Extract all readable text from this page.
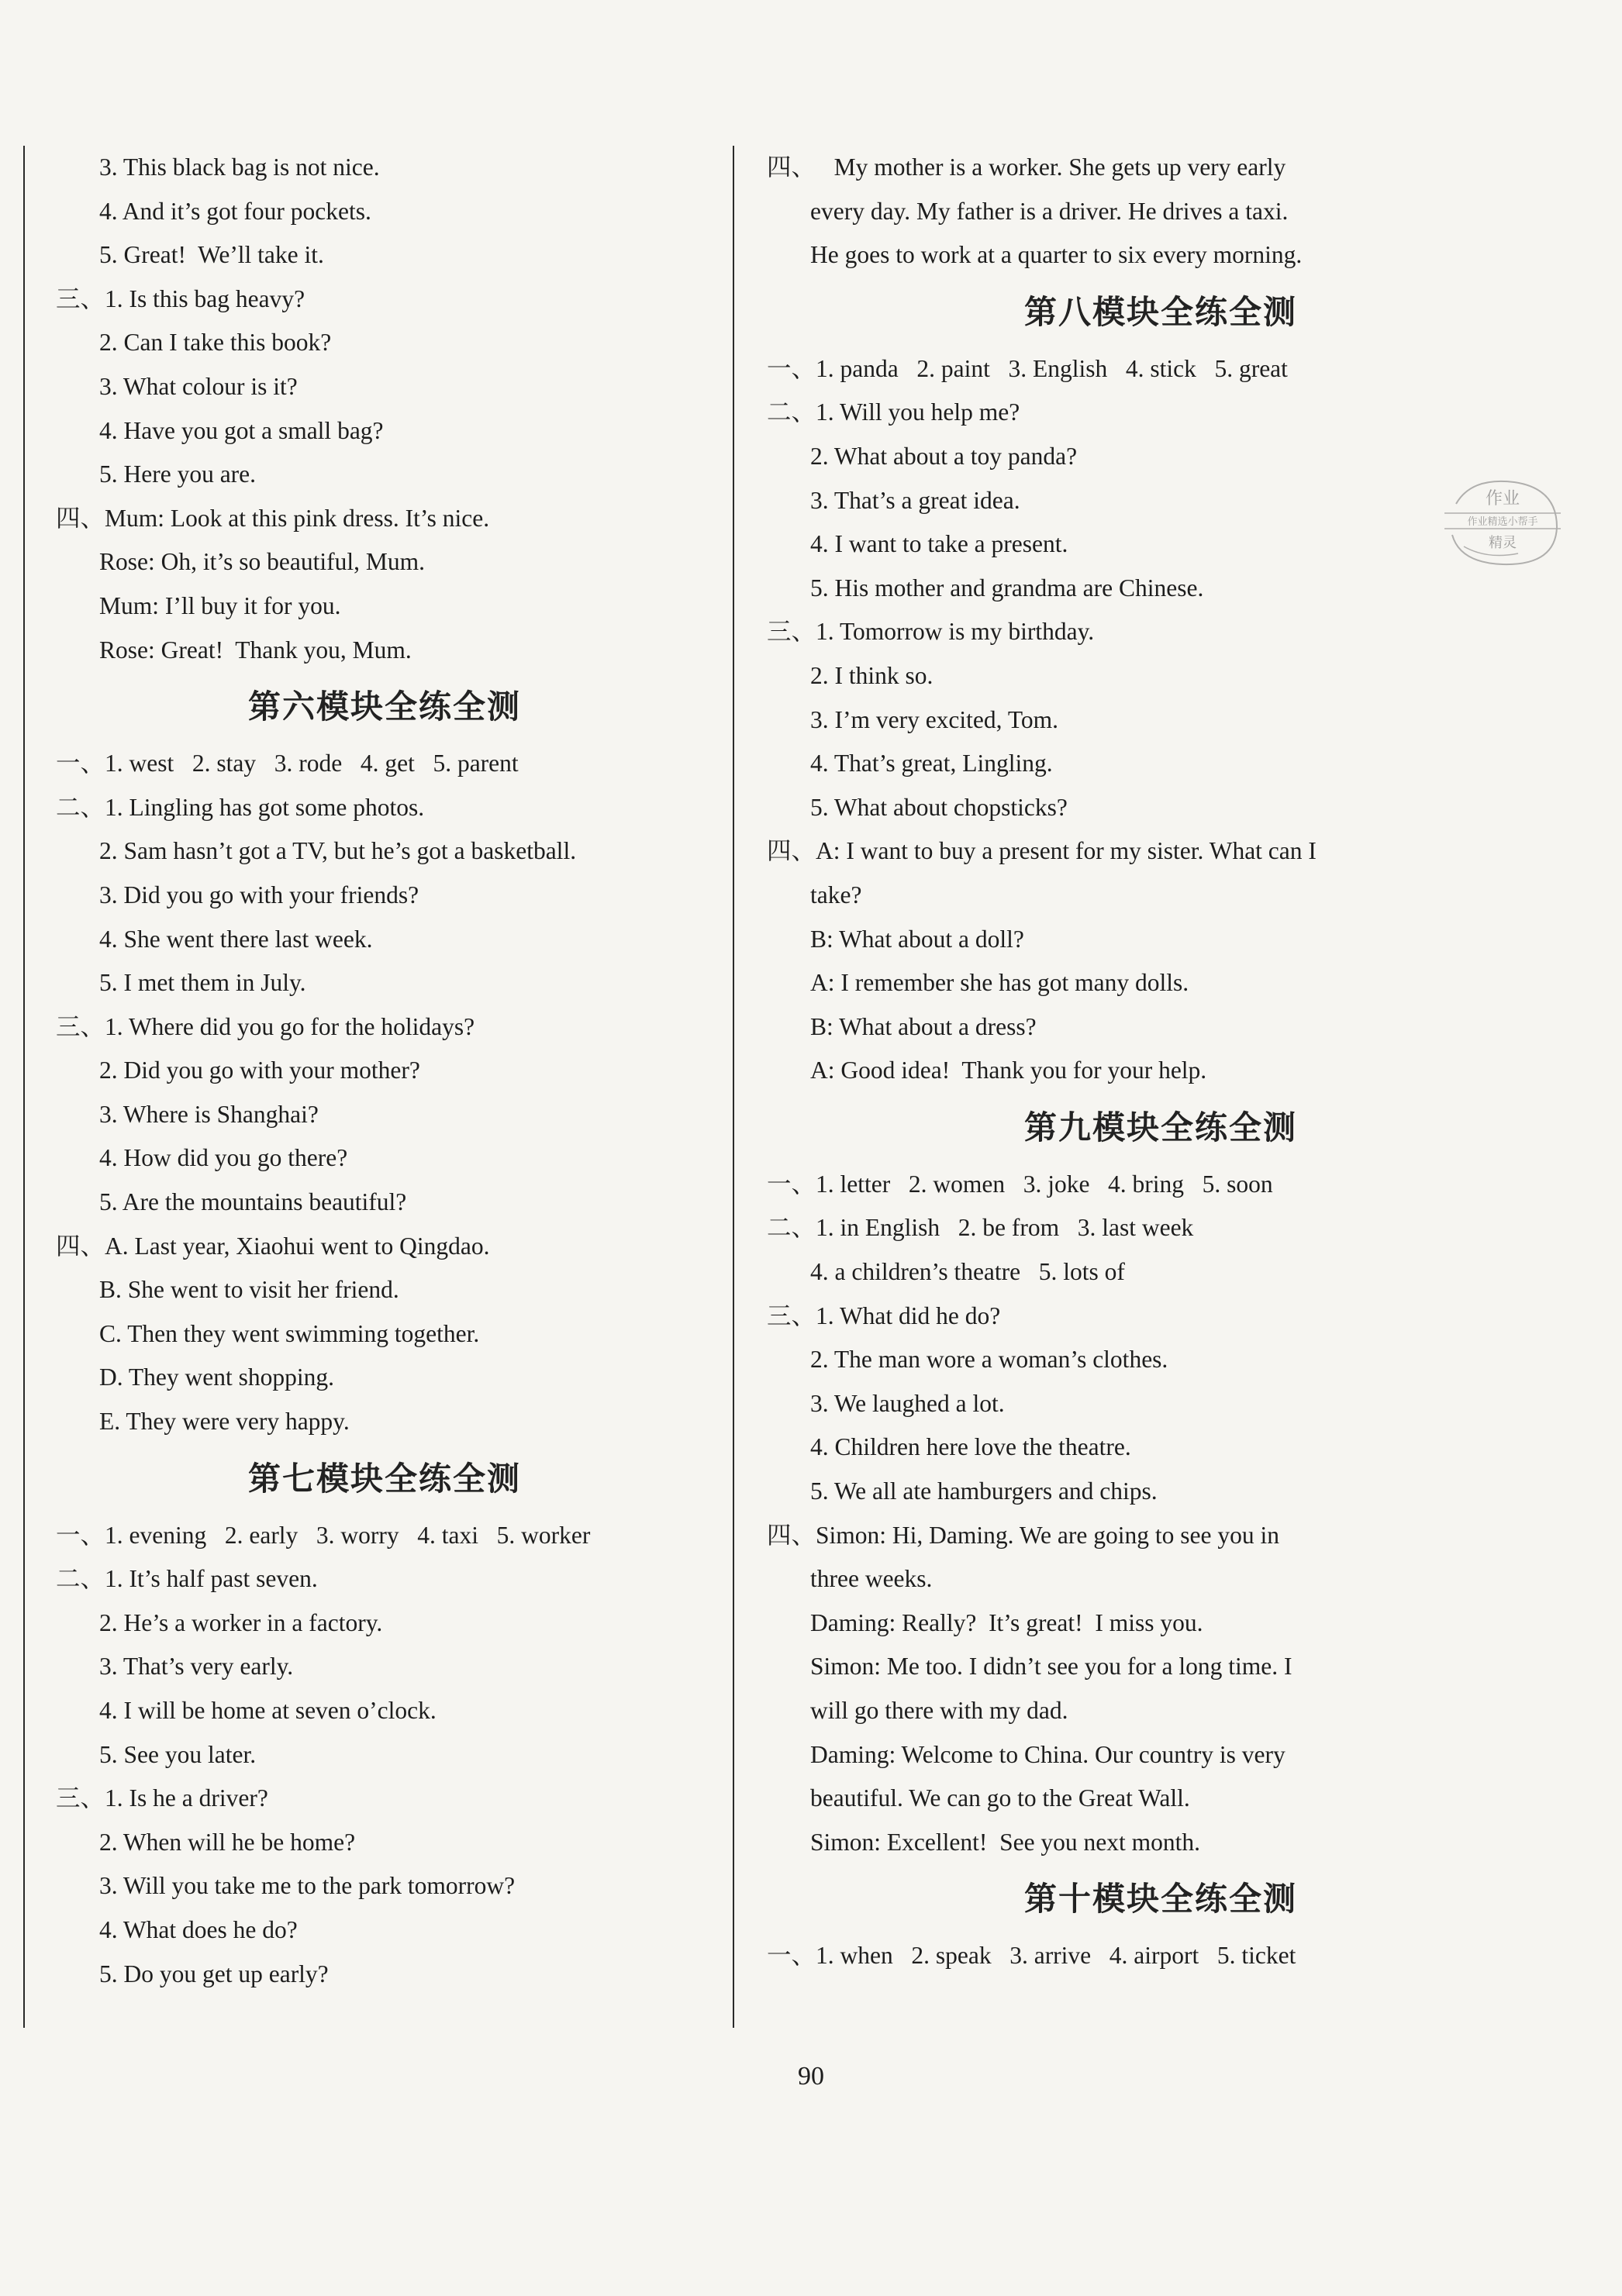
3. This black bag is not nice.
4. And it’s got four pockets.
5. Great!  We’ll take it.
三、1. Is this bag heavy?
2. Can I take this book?
3. What colour is it?
4. Have you got a small bag?
5. Here you are.
四、Mum: Look at this pink dress. It’s nice.
Rose: Oh, it’s so beautiful, Mum.
Mum: I’ll buy it for you.
Rose: Great!  Thank you, Mum.
第六模块全练全测
一、1. west   2. stay   3. rode   4. get   5. parent
二、1. Lingling has got some photos.
2. Sam hasn’t got a TV, but he’s got a basketball.
3. Did you go with your friends?
4. She went there last week.
5. I met them in July.
三、1. Where did you go for the holidays?
2. Did you go with your mother?
3. Where is Shanghai?
4. How did you go there?
5. Are the mountains beautiful?
四、A. Last year, Xiaohui went to Qingdao.
B. She went to visit her friend.
C. Then they went swimming together.
D. They went shopping.
E. They were very happy.
第七模块全练全测
一、1. evening   2. early   3. worry   4. taxi   5. worker
二、1. It’s half past seven.
2. He’s a worker in a factory.
3. That’s very early.
4. I will be home at seven o’clock.
5. See you later.
三、1. Is he a driver?
2. When will he be home?
3. Will you take me to the park tomorrow?
4. What does he do?
5. Do you get up early?
四、   My mother is a worker. She gets up very early
every day. My father is a driver. He drives a taxi.
He goes to work at a quarter to six every morning.
第八模块全练全测
一、1. panda   2. paint   3. English   4. stick   5. great
二、1. Will you help me?
2. What about a toy panda?
3. That’s a great idea.
4. I want to take a present.
5. His mother and grandma are Chinese.
三、1. Tomorrow is my birthday.
2. I think so.
3. I’m very excited, Tom.
4. That’s great, Lingling.
5. What about chopsticks?
四、A: I want to buy a present for my sister. What can I
take?
B: What about a doll?
A: I remember she has got many dolls.
B: What about a dress?
A: Good idea!  Thank you for your help.
第九模块全练全测
一、1. letter   2. women   3. joke   4. bring   5. soon
二、1. in English   2. be from   3. last week
4. a children’s theatre   5. lots of
三、1. What did he do?
2. The man wore a woman’s clothes.
3. We laughed a lot.
4. Children here love the theatre.
5. We all ate hamburgers and chips.
四、Simon: Hi, Daming. We are going to see you in
three weeks.
Daming: Really?  It’s great!  I miss you.
Simon: Me too. I didn’t see you for a long time. I
will go there with my dad.
Daming: Welcome to China. Our country is very
beautiful. We can go to the Great Wall.
Simon: Excellent!  See you next month.
第十模块全练全测
一、1. when   2. speak   3. arrive   4. airport   5. ticket
作业
作业精选小帮手
精灵
90
